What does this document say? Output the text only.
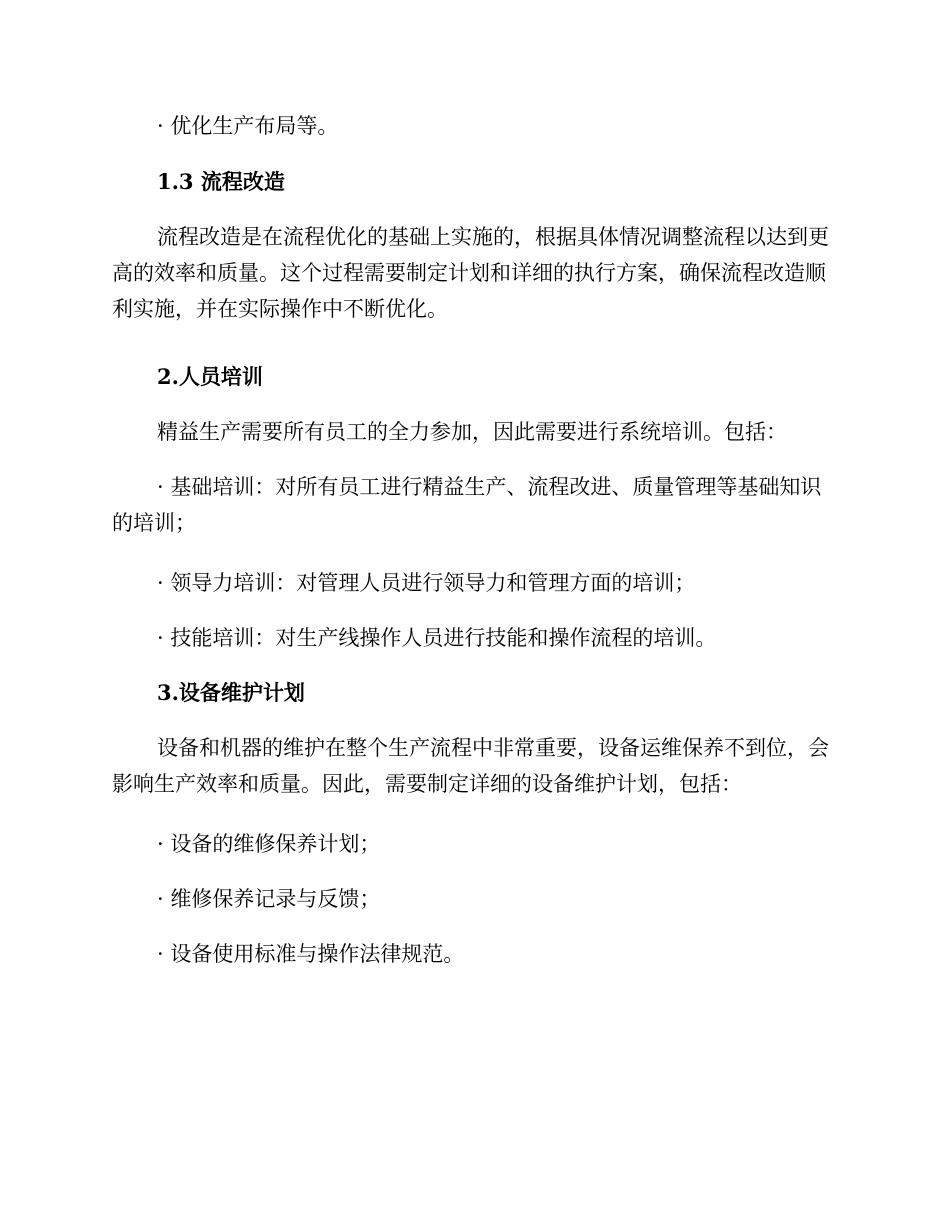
· 优化生产布局等。

1.3 流程改造

流程改造是在流程优化的基础上实施的，根据具体情况调整流程以达到更高的效率和质量。这个过程需要制定计划和详细的执行方案，确保流程改造顺利实施，并在实际操作中不断优化。

2.人员培训

精益生产需要所有员工的全力参加，因此需要进行系统培训。包括：

· 基础培训：对所有员工进行精益生产、流程改进、质量管理等基础知识的培训；

· 领导力培训：对管理人员进行领导力和管理方面的培训；

· 技能培训：对生产线操作人员进行技能和操作流程的培训。

3.设备维护计划

设备和机器的维护在整个生产流程中非常重要，设备运维保养不到位，会影响生产效率和质量。因此，需要制定详细的设备维护计划，包括：

· 设备的维修保养计划；

· 维修保养记录与反馈；

· 设备使用标准与操作法律规范。
